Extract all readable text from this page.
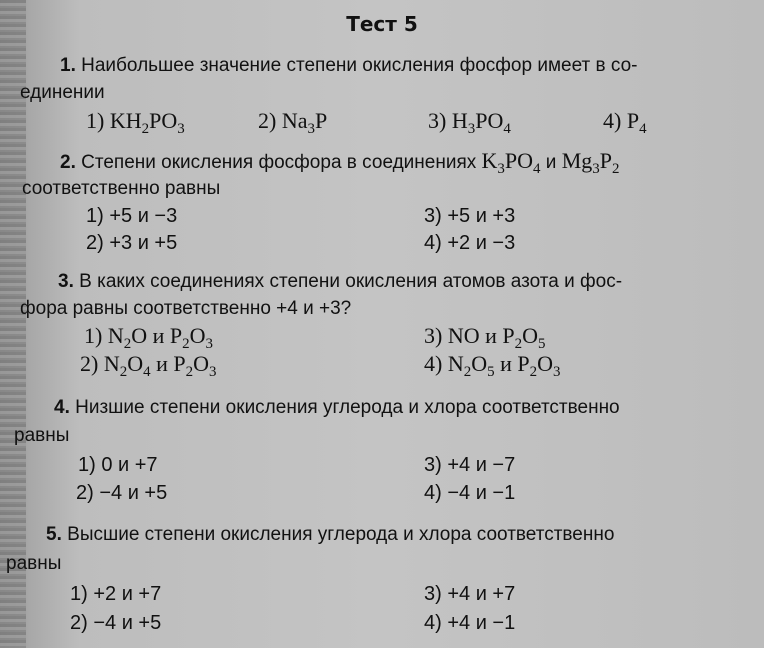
Тест 5
1. Наибольшее значение степени окисления фосфор имеет в со-
единении
1) $KH_2PO_3$	2) $Na_3P$	3) $H_3PO_4$	4) $P_4$
2. Степени окисления фосфора в соединениях $K_3PO_4$ и $Mg_3P_2$
соответственно равны
1) +5 и −3	3) +5 и +3
2) +3 и +5	4) +2 и −3
3. В каких соединениях степени окисления атомов азота и фос-
фора равны соответственно +4 и +3?
1) $N_2O$ и $P_2O_3$	3) NO и $P_2O_5$
2) $N_2O_4$ и $P_2O_3$	4) $N_2O_5$ и $P_2O_3$
4. Низшие степени окисления углерода и хлора соответственно
равны
1) 0 и +7	3) +4 и −7
2) −4 и +5	4) −4 и −1
5. Высшие степени окисления углерода и хлора соответственно
равны
1) +2 и +7	3) +4 и +7
2) −4 и +5	4) +4 и −1
